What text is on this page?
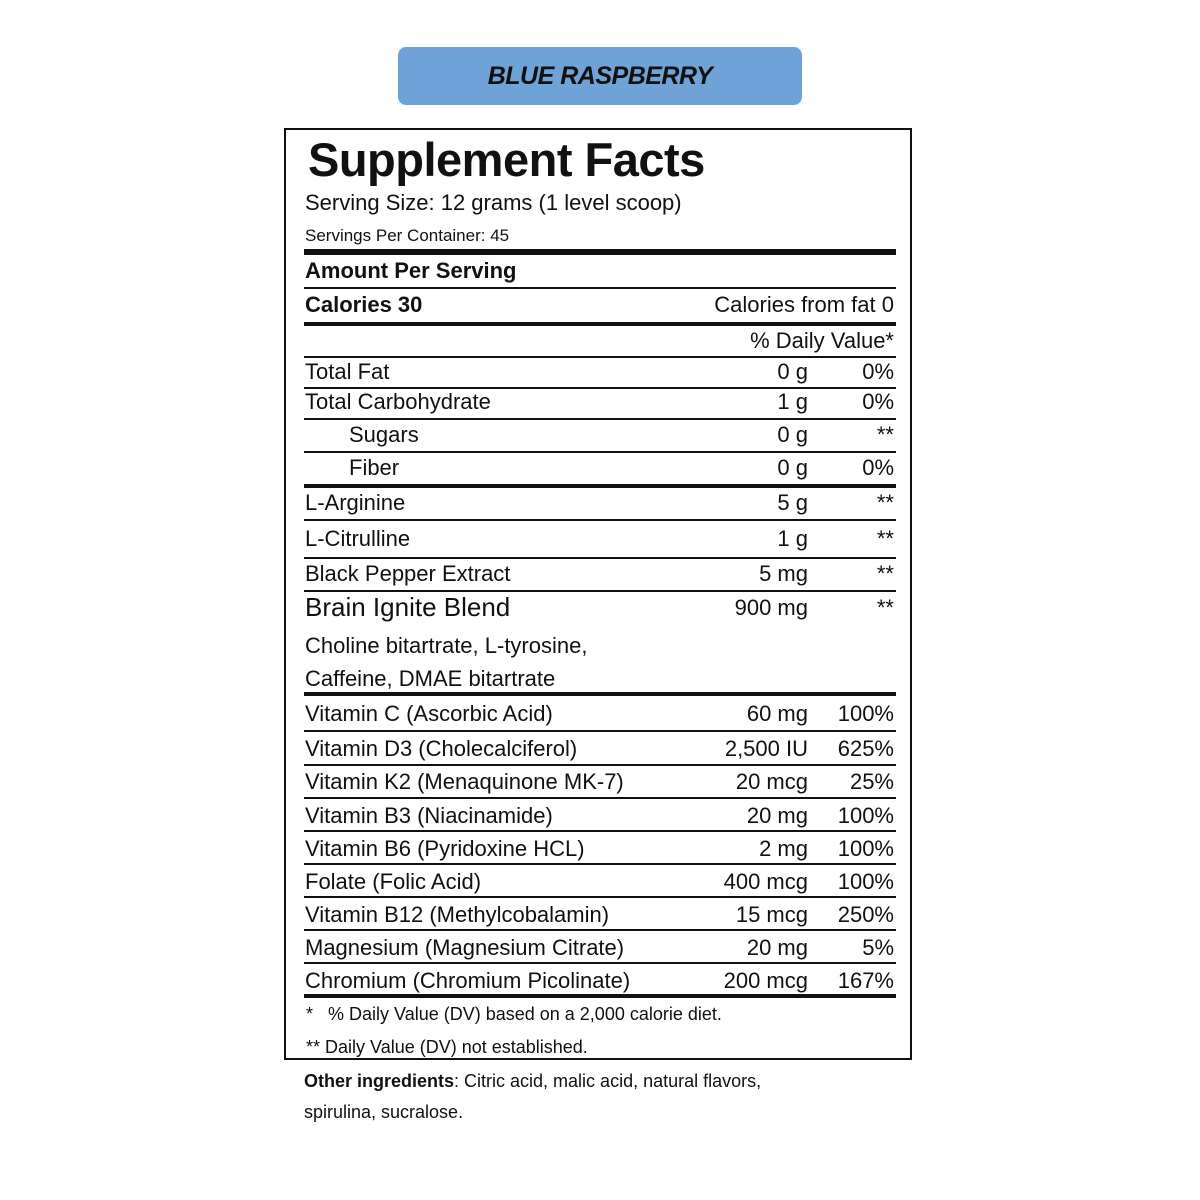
BLUE RASPBERRY
Supplement Facts
Serving Size: 12 grams (1 level scoop)
Servings Per Container: 45
Amount Per Serving
Calories 30	Calories from fat 0
% Daily Value*
Total Fat	0 g 0%
Total Carbohydrate	1 g 0%
Sugars	0 g	**
Fiber	0 g 0%
L-Arginine	5 g	**
L-Citrulline	1 g	**
Black Pepper Extract	5 mg	**
Brain Ignite Blend	900 mg	**
Choline bitartrate, L-tyrosine,
Caffeine, DMAE bitartrate
Vitamin C (Ascorbic Acid)	60 mg 100%
Vitamin D3 (Cholecalciferol)	2,500 IU 625%
Vitamin K2 (Menaquinone MK-7)	20 mcg 25%
Vitamin B3 (Niacinamide)	20 mg 100%
Vitamin B6 (Pyridoxine HCL)	2 mg 100%
Folate (Folic Acid)	400 mcg 100%
Vitamin B12 (Methylcobalamin)	15 mcg 250%
Magnesium (Magnesium Citrate)	20 mg 5%
Chromium (Chromium Picolinate)	200 mcg 167%
*   % Daily Value (DV) based on a 2,000 calorie diet.
** Daily Value (DV) not established.
Other ingredients: Citric acid, malic acid, natural flavors, spirulina, sucralose.
